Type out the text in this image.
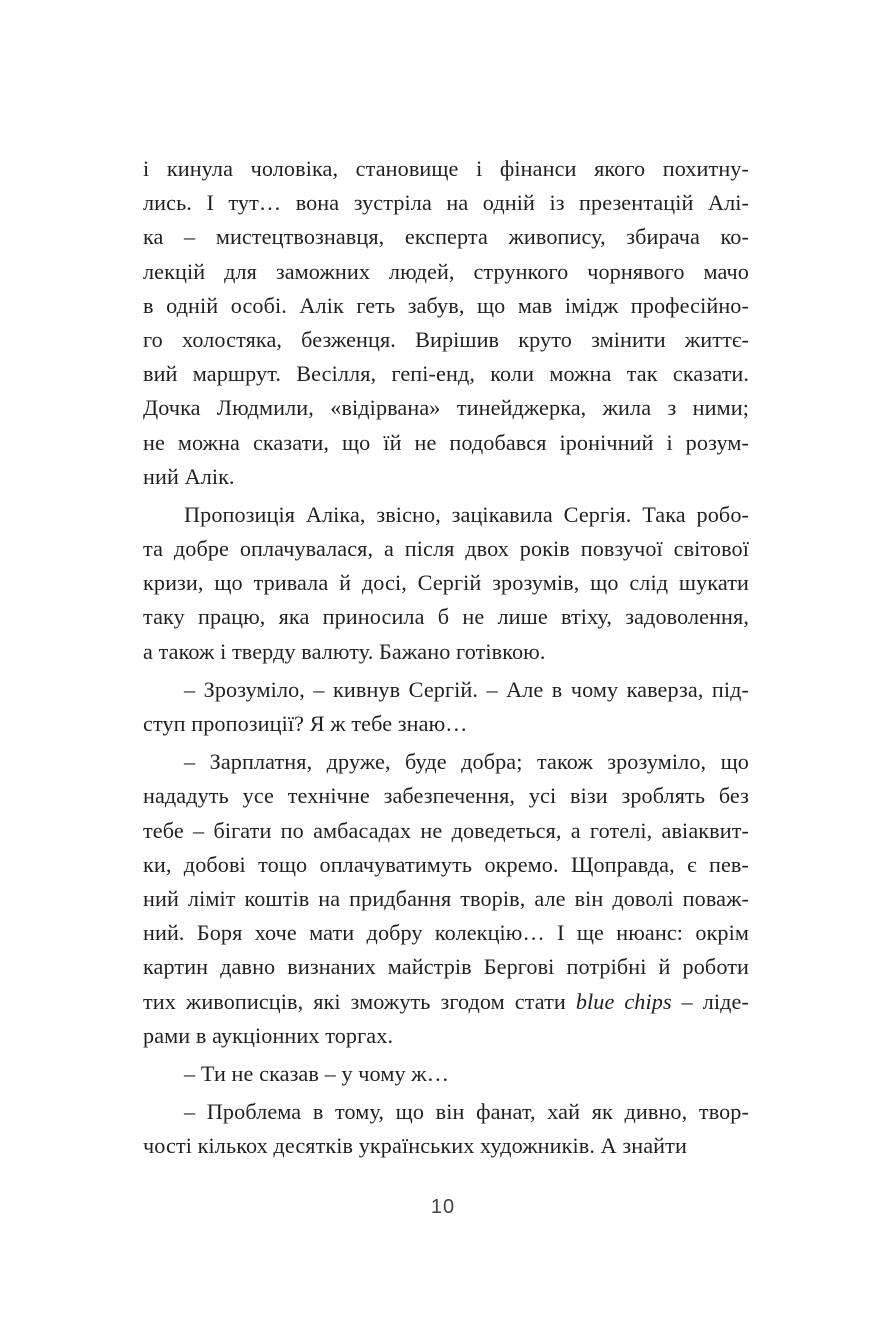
і кинула чоловіка, становище і фінанси якого похитну-
лись. І тут… вона зустріла на одній із презентацій Алі-
ка – мистецтвознавця, експерта живопису, збирача ко-
лекцій для заможних людей, стрункого чорнявого мачо
в одній особі. Алік геть забув, що мав імідж професійно-
го холостяка, безженця. Вирішив круто змінити життє-
вий маршрут. Весілля, гепі-енд, коли можна так сказати.
Дочка Людмили, «відірвана» тинейджерка, жила з ними;
не можна сказати, що їй не подобався іронічний і розум-
ний Алік.
Пропозиція Аліка, звісно, зацікавила Сергія. Така робо-
та добре оплачувалася, а після двох років повзучої світової
кризи, що тривала й досі, Сергій зрозумів, що слід шукати
таку працю, яка приносила б не лише втіху, задоволення,
а також і тверду валюту. Бажано готівкою.
– Зрозуміло, – кивнув Сергій. – Але в чому каверза, під-
ступ пропозиції? Я ж тебе знаю…
– Зарплатня, друже, буде добра; також зрозуміло, що
нададуть усе технічне забезпечення, усі візи зроблять без
тебе – бігати по амбасадах не доведеться, а готелі, авіаквит-
ки, добові тощо оплачуватимуть окремо. Щоправда, є пев-
ний ліміт коштів на придбання творів, але він доволі поваж-
ний. Боря хоче мати добру колекцію… І ще нюанс: окрім
картин давно визнаних майстрів Бергові потрібні й роботи
тих живописців, які зможуть згодом стати blue chips – ліде-
рами в аукціонних торгах.
– Ти не сказав – у чому ж…
– Проблема в тому, що він фанат, хай як дивно, твор-
чості кількох десятків українських художників. А знайти
10
